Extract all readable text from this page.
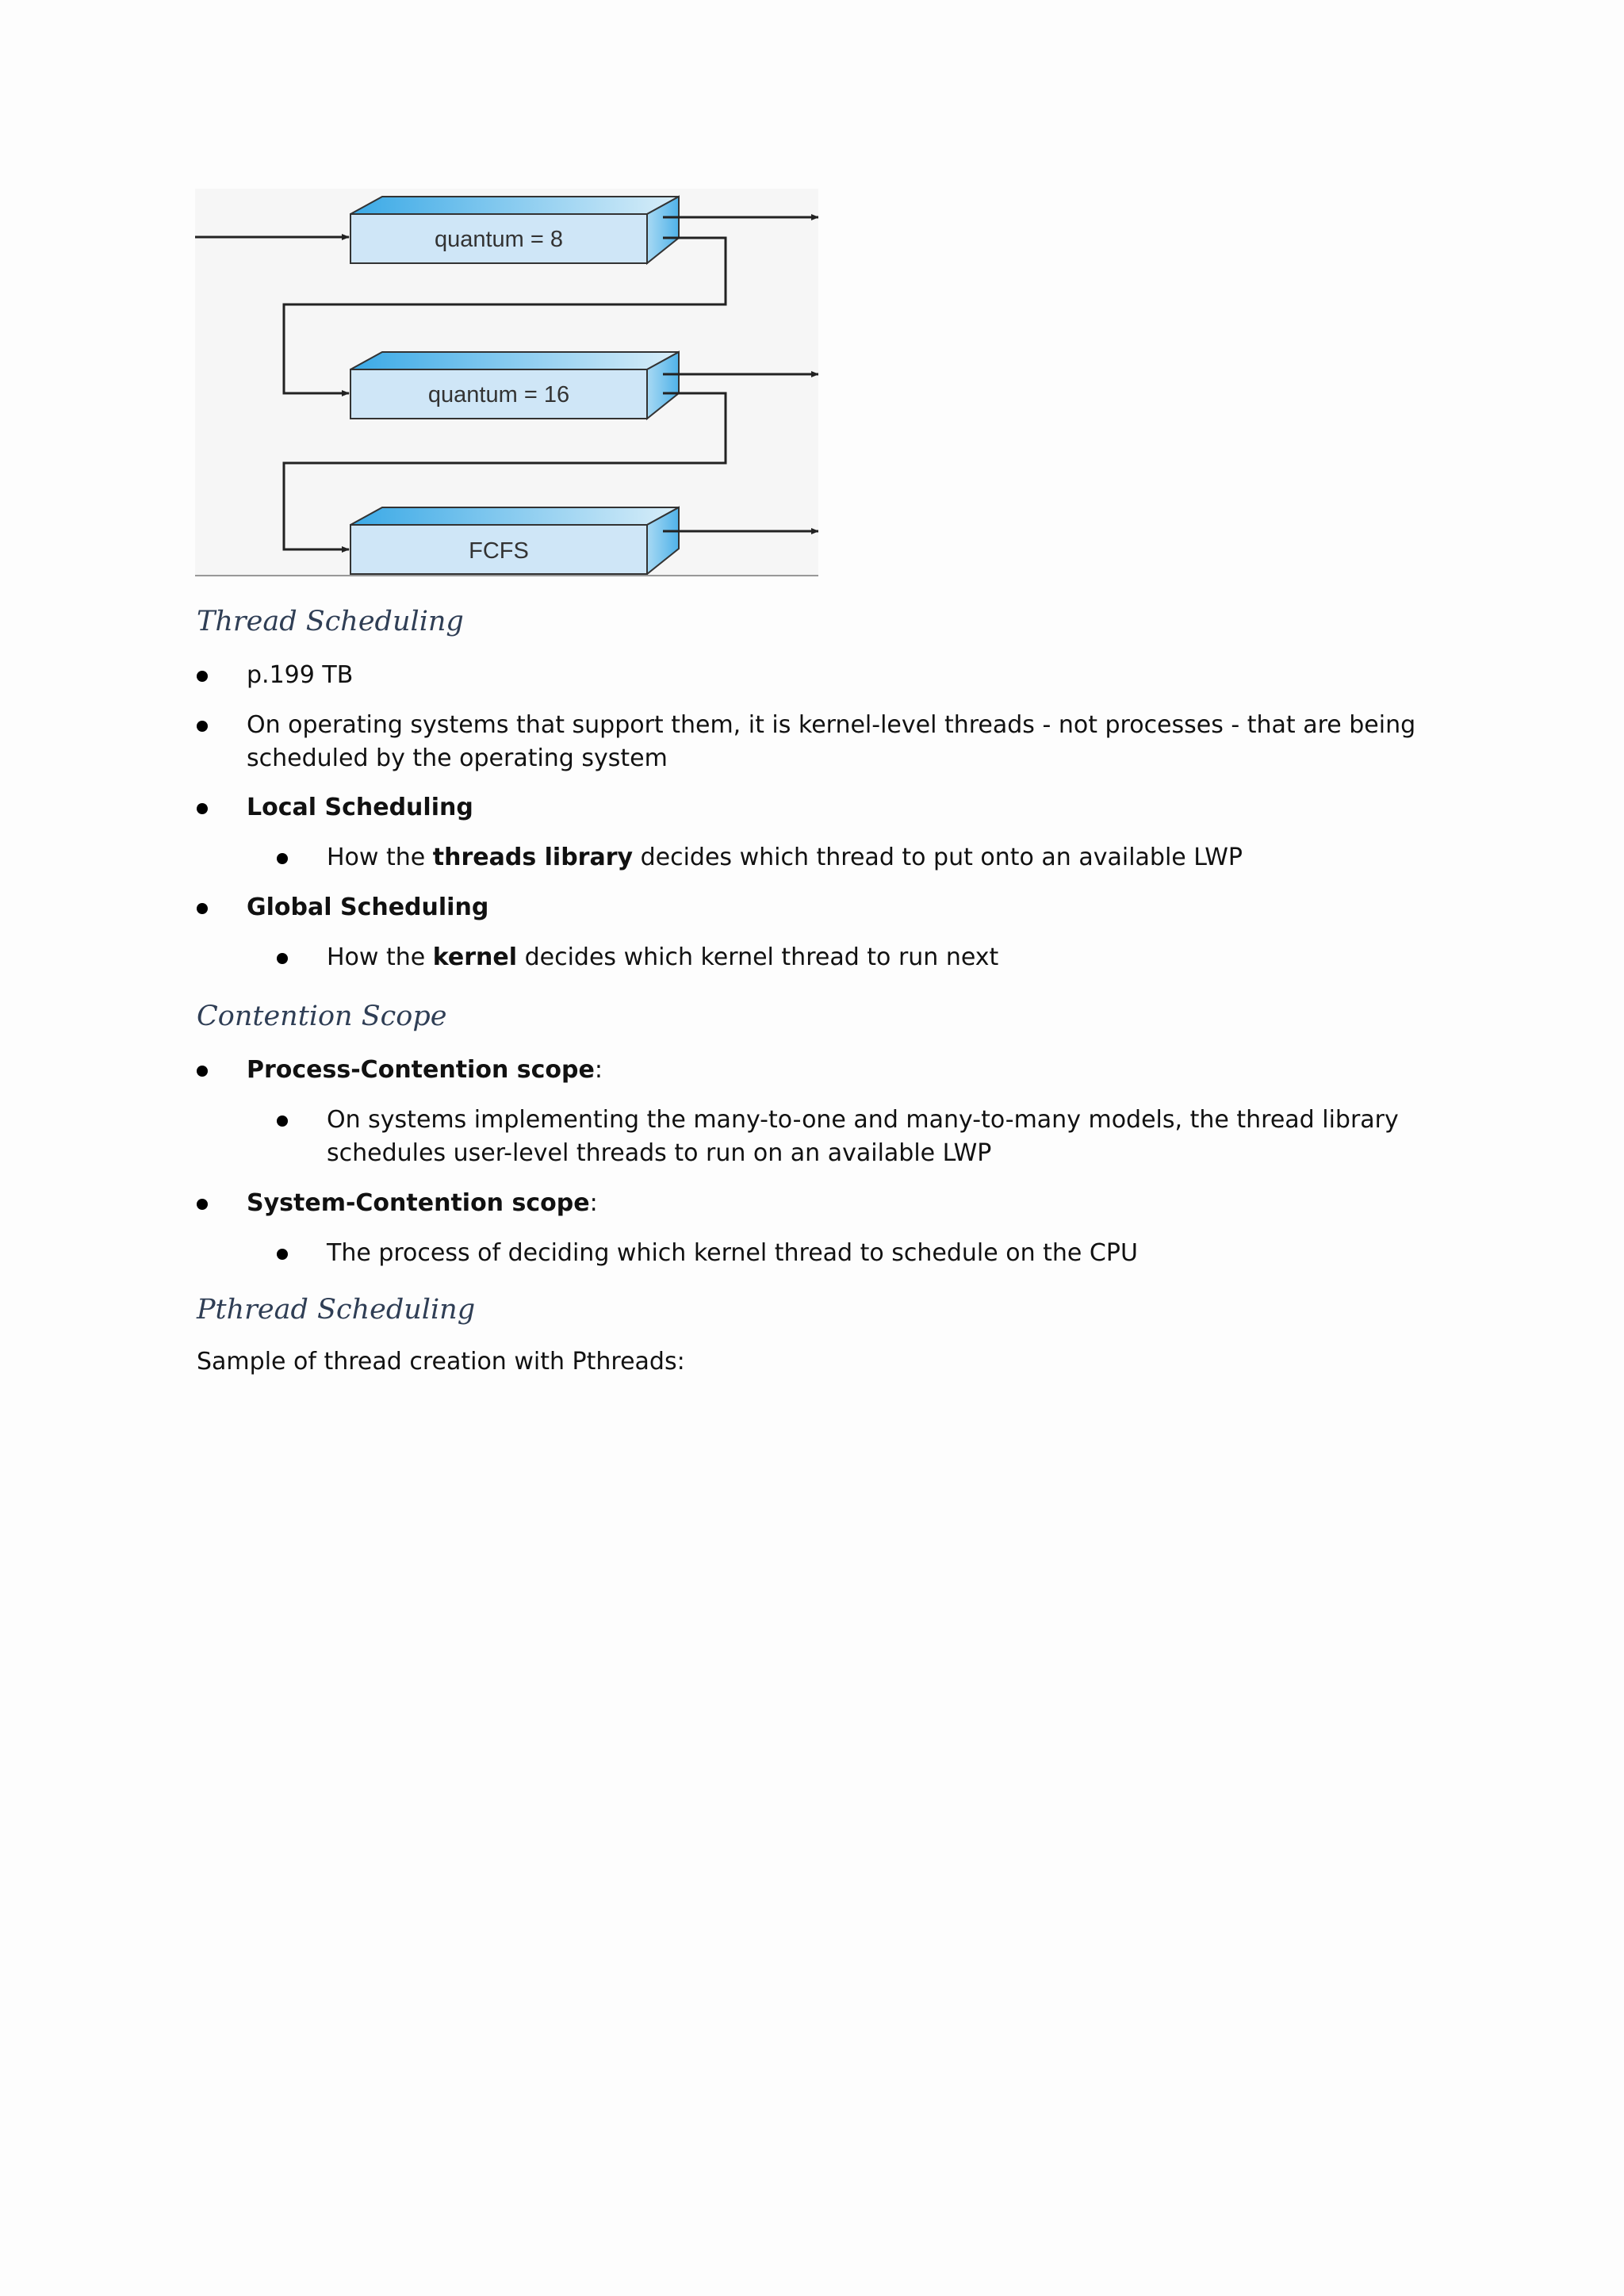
quantum = 8
quantum = 16
FCFS
Thread Scheduling
p.199 TB
On operating systems that support them, it is kernel-level threads - not processes - that are being
scheduled by the operating system
Local Scheduling
How the threads library decides which thread to put onto an available LWP
Global Scheduling
How the kernel decides which kernel thread to run next
Contention Scope
Process-Contention scope:
On systems implementing the many-to-one and many-to-many models, the thread library
schedules user-level threads to run on an available LWP
System-Contention scope:
The process of deciding which kernel thread to schedule on the CPU
Pthread Scheduling
Sample of thread creation with Pthreads:
